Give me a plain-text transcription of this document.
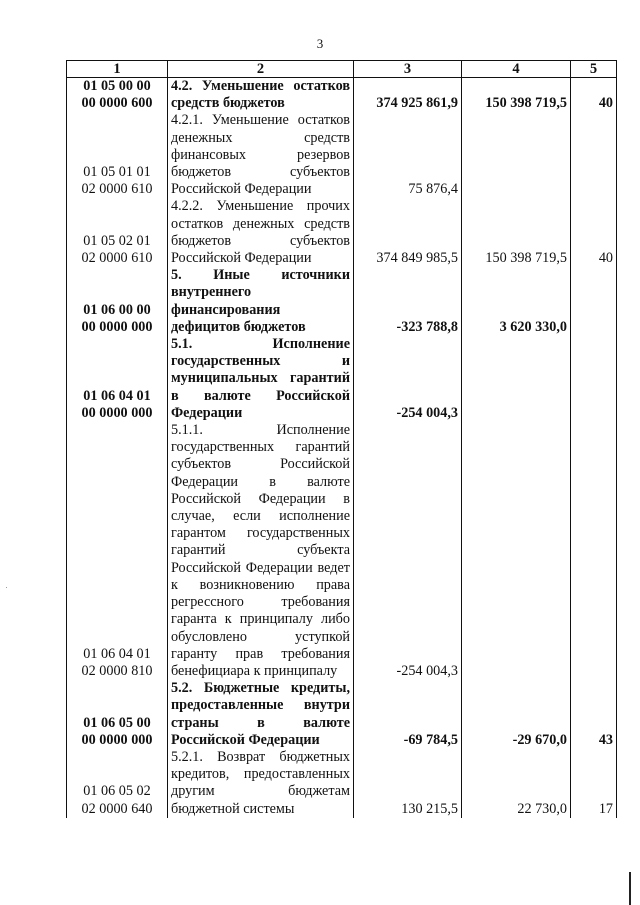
3
1	2	3	4	5

01 05 00 00
00 0000 600	4.2. Уменьшение остатков средств бюджетов	374 925 861,9	150 398 719,5	40

01 05 01 01
02 0000 610	4.2.1. Уменьшение остатков денежных средств финансовых резервов бюджетов субъектов Российской Федерации	75 876,4		

01 05 02 01
02 0000 610	4.2.2. Уменьшение прочих остатков денежных средств бюджетов субъектов Российской Федерации	374 849 985,5	150 398 719,5	40

01 06 00 00
00 0000 000	5. Иные источники внутреннего финансирования дефицитов бюджетов	-323 788,8	3 620 330,0	

01 06 04 01
00 0000 000	5.1. Исполнение государственных и муниципальных гарантий в валюте Российской Федерации	-254 004,3		

01 06 04 01
02 0000 810	5.1.1. Исполнение государственных гарантий субъектов Российской Федерации в валюте Российской Федерации в случае, если исполнение гарантом государственных гарантий субъекта Российской Федерации ведет к возникновению права регрессного требования гаранта к принципалу либо обусловлено уступкой гаранту прав требования бенефициара к принципалу	-254 004,3		

01 06 05 00
00 0000 000	5.2. Бюджетные кредиты, предоставленные внутри страны в валюте Российской Федерации	-69 784,5	-29 670,0	43

01 06 05 02
02 0000 640	5.2.1. Возврат бюджетных кредитов, предоставленных другим бюджетам бюджетной системы	130 215,5	22 730,0	17
